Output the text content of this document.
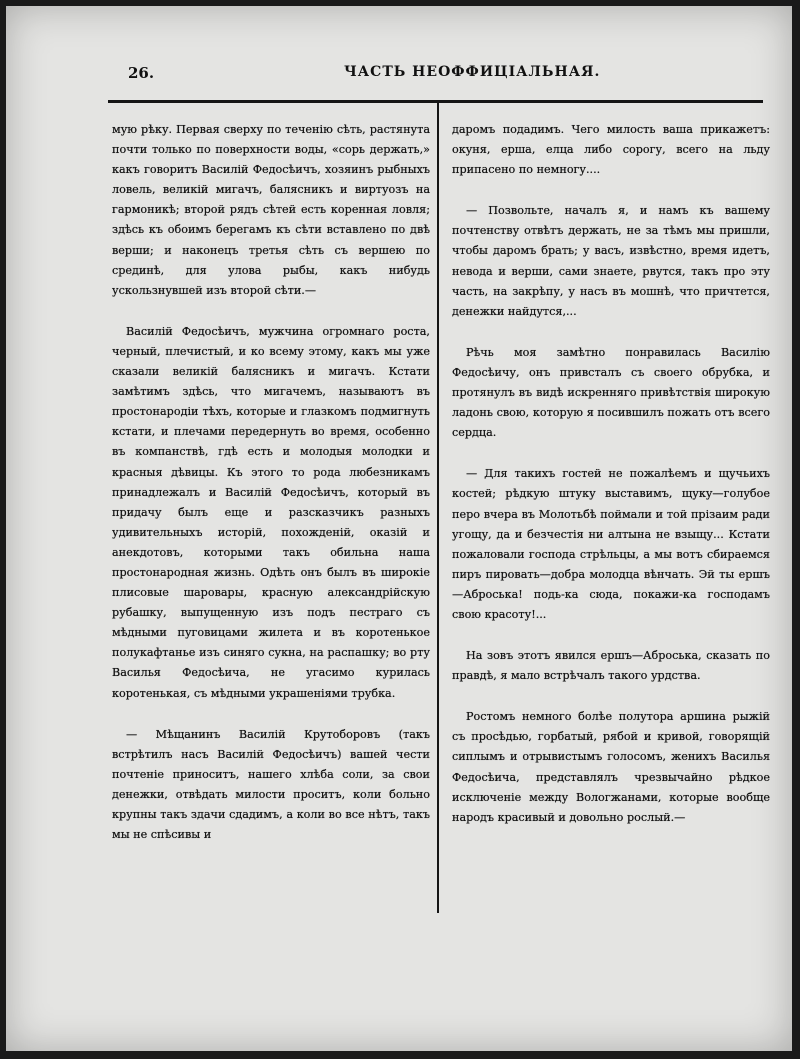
26.	ЧАСТЬ НЕОФФИЦІАЛЬНАЯ.

мую рѣку. Первая сверху по теченію сѣть, растянута почти только по поверхности воды, «сорь держать,» какъ говоритъ Василій Федосѣичъ, хозяинъ рыбныхъ ловель, великій мигачъ, балясникъ и виртуозъ на гармоникѣ; второй рядъ сѣтей есть коренная ловля; здѣсь къ обоимъ берегамъ къ сѣти вставлено по двѣ верши; и наконецъ третья сѣть съ вершею по срединѣ, для улова рыбы, какъ нибудь ускользнувшей изъ второй сѣти.—

Василій Федосѣичъ, мужчина огромнаго роста, черный, плечистый, и ко всему этому, какъ мы уже сказали великій балясникъ и мигачъ. Кстати замѣтимъ здѣсь, что мигачемъ, называютъ въ простонародіи тѣхъ, которые и глазкомъ подмигнуть кстати, и плечами передернуть во время, особенно въ компанствѣ, гдѣ есть и молодыя молодки и красныя дѣвицы. Къ этого то рода любезникамъ принадлежалъ и Василій Федосѣичъ, который въ придачу былъ еще и разсказчикъ разныхъ удивительныхъ исторій, похожденій, оказій и анекдотовъ, которыми такъ обильна наша простонародная жизнь. Одѣть онъ былъ въ широкіе плисовые шаровары, красную александрійскую рубашку, выпущенную изъ подъ пестраго съ мѣдными пуговицами жилета и въ коротенькое полукафтанье изъ синяго сукна, на распашку; во рту Василья Федосѣича, не угасимо курилась коротенькая, съ мѣдными украшеніями трубка.

— Мѣщанинъ Василій Крутоборовъ (такъ встрѣтилъ насъ Василій Федосѣичъ) вашей чести почтеніе приноситъ, нашего хлѣба соли, за свои денежки, отвѣдать милости проситъ, коли больно крупны такъ здачи сдадимъ, а коли во все нѣтъ, такъ мы не спѣсивы и

даромъ подадимъ. Чего милость ваша прикажетъ: окуня, ерша, елца либо сорогу, всего на льду припасено по немногу....

— Позвольте, началъ я, и намъ къ вашему почтенству отвѣтъ держать, не за тѣмъ мы пришли, чтобы даромъ брать; у васъ, извѣстно, время идетъ, невода и верши, сами знаете, рвутся, такъ про эту часть, на закрѣпу, у насъ въ мошнѣ, что причтется, денежки найдутся,...

Рѣчь моя замѣтно понравилась Василію Федосѣичу, онъ привсталъ съ своего обрубка, и протянулъ въ видѣ искренняго привѣтствія широкую ладонь свою, которую я посившилъ пожать отъ всего сердца.

— Для такихъ гостей не пожалѣемъ и щучьихъ костей; рѣдкую штуку выставимъ, щуку—голубое перо вчера въ Молотьбѣ поймали и той прізаим ради угощу, да и безчестія ни алтына не взыщу... Кстати пожаловали господа стрѣльцы, а мы вотъ сбираемся пиръ пировать—добра молодца вѣнчать. Эй ты ершъ—Аброська! подь-ка сюда, покажи-ка господамъ свою красоту!...

На зовъ этотъ явился ершъ—Аброська, сказать по правдѣ, я мало встрѣчалъ такого урдства.

Ростомъ немного болѣе полутора аршина рыжій съ просѣдью, горбатый, рябой и кривой, говорящій сиплымъ и отрывистымъ голосомъ, женихъ Василья Федосѣича, представлялъ чрезвычайно рѣдкое исключеніе между Вологжанами, которые вообще народъ красивый и довольно рослый.—
